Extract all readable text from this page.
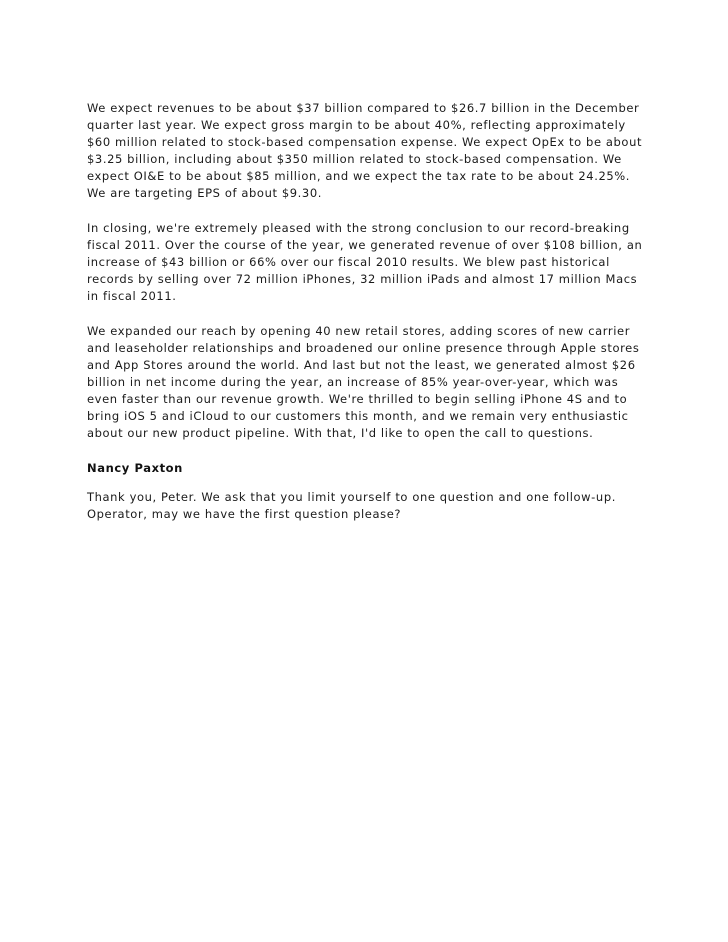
We expect revenues to be about $37 billion compared to $26.7 billion in the December quarter last year. We expect gross margin to be about 40%, reflecting approximately $60 million related to stock-based compensation expense. We expect OpEx to be about $3.25 billion, including about $350 million related to stock-based compensation. We expect OI&E to be about $85 million, and we expect the tax rate to be about 24.25%. We are targeting EPS of about $9.30.

In closing, we're extremely pleased with the strong conclusion to our record-breaking fiscal 2011. Over the course of the year, we generated revenue of over $108 billion, an increase of $43 billion or 66% over our fiscal 2010 results. We blew past historical records by selling over 72 million iPhones, 32 million iPads and almost 17 million Macs in fiscal 2011.

We expanded our reach by opening 40 new retail stores, adding scores of new carrier and leaseholder relationships and broadened our online presence through Apple stores and App Stores around the world. And last but not the least, we generated almost $26 billion in net income during the year, an increase of 85% year-over-year, which was even faster than our revenue growth. We're thrilled to begin selling iPhone 4S and to bring iOS 5 and iCloud to our customers this month, and we remain very enthusiastic about our new product pipeline. With that, I'd like to open the call to questions.

Nancy Paxton

Thank you, Peter. We ask that you limit yourself to one question and one follow-up. Operator, may we have the first question please?
